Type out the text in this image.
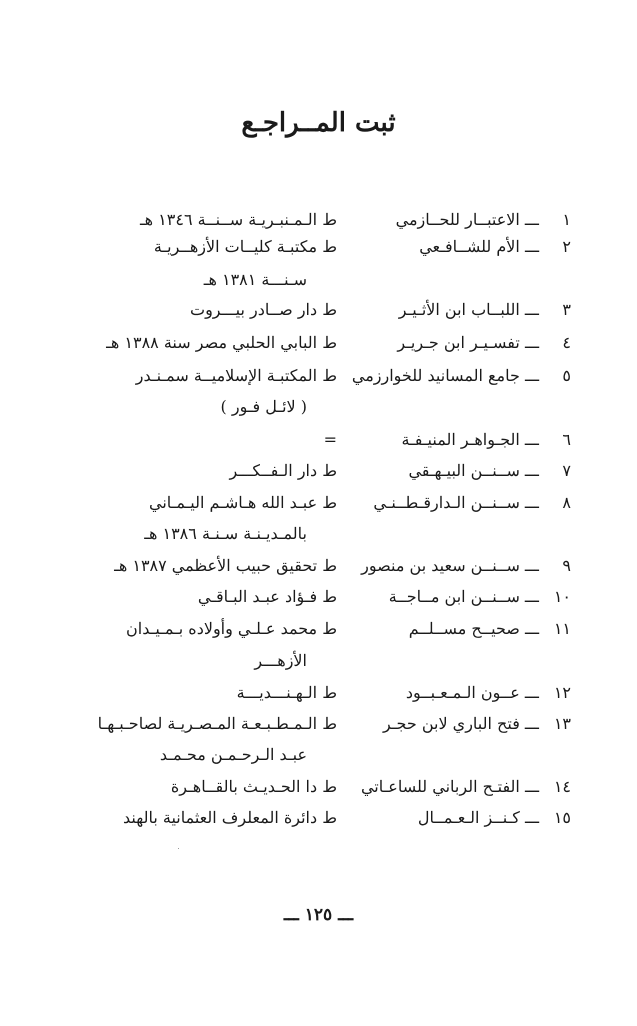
ثبت المــراجـع
١
ـــ الاعتبــار للحــازمي
ط الـمـنبـريـة ســنــة ١٣٤٦ هـ
٢
ـــ الأم للشــافـعي
ط مكتبـة كليــات الأزهــريـة
سـنـــة ١٣٨١ هـ
٣
ـــ اللبــاب ابن الأثـيـر
ط دار صــادر بيـــروت
٤
ـــ تفسـيـر ابن جـريـر
ط البابي الحلبي مصر سنة ١٣٨٨ هـ
٥
ـــ جامع المسانيد للخوارزمي
ط المكتبـة الإسلاميــة سمـنـدر
( لائـل فـور )
٦
ـــ الجـواهـر المنيـفـة
=
٧
ـــ ســنــن البيـهـقي
ط دار الـفــكـــر
٨
ـــ ســنــن الـدارقـطــنـي
ط عبـد الله هـاشـم اليـمـاني
بالمـديـنـة سـنـة ١٣٨٦ هـ
٩
ـــ ســنــن سعيد بن منصور
ط تحقيق حبيب الأعظمي ١٣٨٧ هـ
١٠
ـــ ســنــن ابن مــاجــة
ط فـؤاد عبـد البـاقـي
١١
ـــ صحيــح مســلــم
ط محمد عـلـي وأولاده بـمـيـدان
الأزهـــر
١٢
ـــ عــون الـمـعـبــود
ط الـهـنـــديـــة
١٣
ـــ فتح الباري لابن حجـر
ط الـمـطـبـعـة المـصـريـة لصاحـبـهـا
عبـد الـرحـمـن محـمـد
١٤
ـــ الفتـح الرباني للساعـاتي
ط دا الحـديـث بالقــاهـرة
١٥
ـــ كـنــز الـعـمــال
ط دائرة المعلرف العثمانية بالهند
ـــ ١٢٥ ـــ
